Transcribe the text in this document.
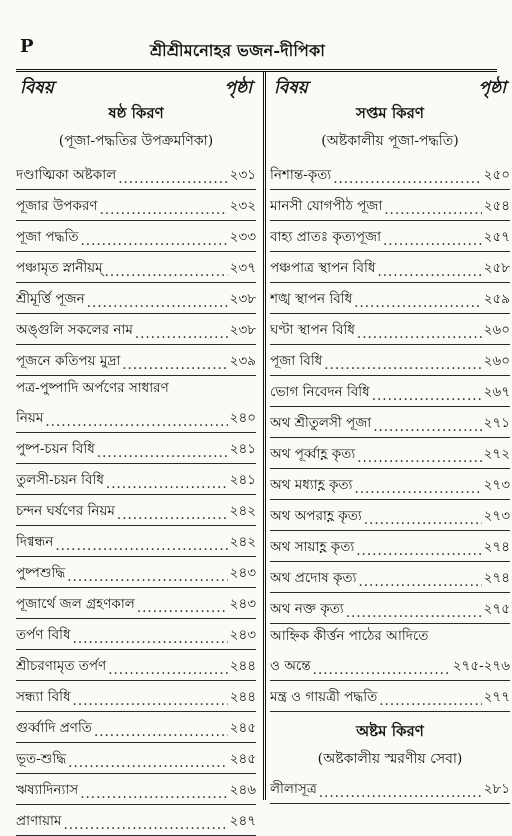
P	শ্রীশ্রীমনোহর ভজন-দীপিকা
বিষয়	পৃষ্ঠা
ষষ্ঠ কিরণ
(পূজা-পদ্ধতির উপক্রমণিকা)
দণ্ডাত্মিকা অষ্টকাল .....	২৩১
পূজার উপকরণ .....	২৩২
পূজা পদ্ধতি .....	২৩৩
পঞ্চামৃত স্নানীয়ম্ .....	২৩৭
শ্রীমূর্ত্তি পূজন .....	২৩৮
অঙ্গুলি সকলের নাম .....	২৩৮
পূজনে কতিপয় মুদ্রা .....	২৩৯
পত্র-পুষ্পাদি অর্পণের সাধারণ
নিয়ম .....	২৪০
পুষ্প-চয়ন বিধি .....	২৪১
তুলসী-চয়ন বিধি .....	২৪১
চন্দন ঘর্ষণের নিয়ম .....	২৪২
দিগ্বন্ধন .....	২৪২
পুষ্পশুদ্ধি .....	২৪৩
পূজার্থে জল গ্রহণকাল .....	২৪৩
তর্পণ বিধি .....	২৪৩
শ্রীচরণামৃত তর্পণ .....	২৪৪
সন্ধ্যা বিধি .....	২৪৪
গুর্ব্বাদি প্রণতি .....	২৪৫
ভূত-শুদ্ধি .....	২৪৫
ঋষ্যাদিন্যাস .....	২৪৬
প্রাণায়াম .....	২৪৭
বিষয়	পৃষ্ঠা
সপ্তম কিরণ
(অষ্টকালীয় পূজা-পদ্ধতি)
নিশান্ত-কৃত্য .....	২৫০
মানসী যোগপীঠ পূজা .....	২৫৪
বাহ্য প্রাতঃ কৃত্যপূজা .....	২৫৭
পঞ্চপাত্র স্থাপন বিধি .....	২৫৮
শঙ্খ স্থাপন বিধি .....	২৫৯
ঘণ্টা স্থাপন বিধি .....	২৬০
পূজা বিধি .....	২৬০
ভোগ নিবেদন বিধি .....	২৬৭
অথ শ্রীতুলসী পূজা .....	২৭১
অথ পূর্ব্বাহ্ণ কৃত্য .....	২৭২
অথ মধ্যাহ্ণ কৃত্য .....	২৭৩
অথ অপরাহ্ণ কৃত্য .....	২৭৩
অথ সায়াহ্ণ কৃত্য .....	২৭৪
অথ প্রদোষ কৃত্য .....	২৭৪
অথ নক্ত কৃত্য .....	২৭৫
আহ্নিক কীর্ত্তন পাঠের আদিতে
ও অন্তে .....	২৭৫-২৭৬
মন্ত্র ও গায়ত্রী পদ্ধতি .....	২৭৭
অষ্টম কিরণ
(অষ্টকালীয় স্মরণীয় সেবা)
লীলাসূত্র .....	২৮১
